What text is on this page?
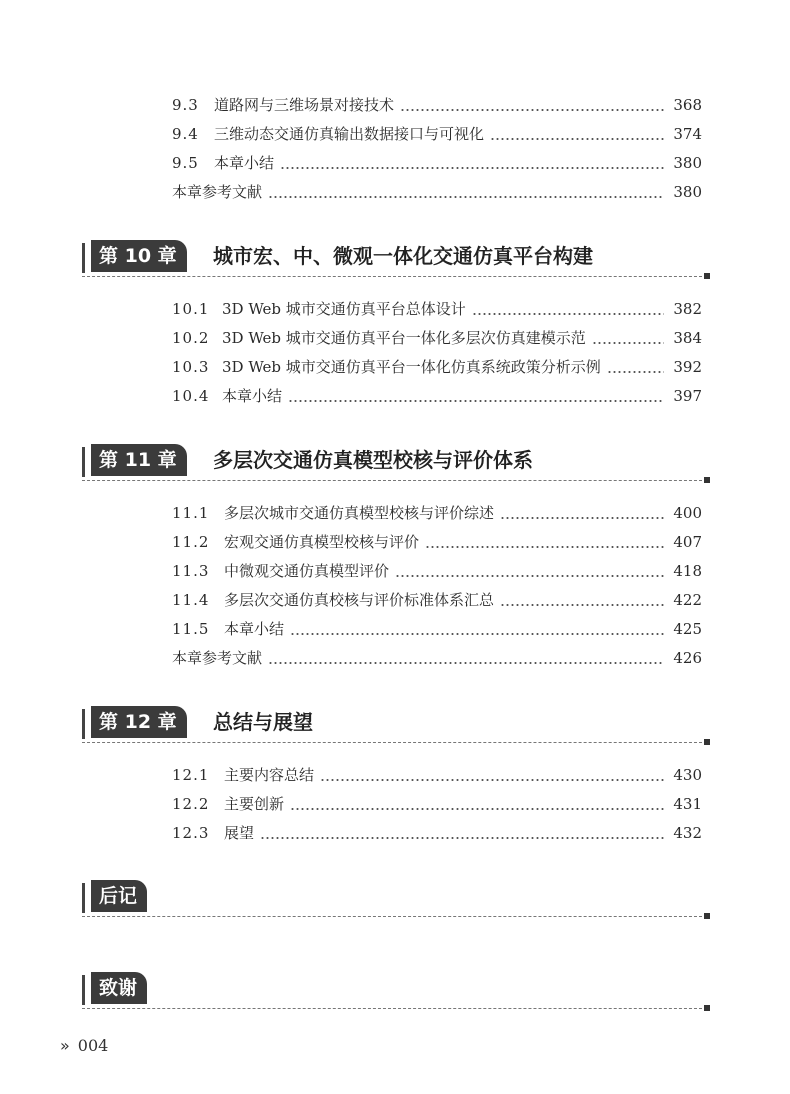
9.3 道路网与三维场景对接技术	368
9.4 三维动态交通仿真输出数据接口与可视化	374
9.5 本章小结	380
本章参考文献	380
第 10 章	城市宏、中、微观一体化交通仿真平台构建
10.1 3D Web 城市交通仿真平台总体设计	382
10.2 3D Web 城市交通仿真平台一体化多层次仿真建模示范	384
10.3 3D Web 城市交通仿真平台一体化仿真系统政策分析示例	392
10.4 本章小结	397
第 11 章	多层次交通仿真模型校核与评价体系
11.1 多层次城市交通仿真模型校核与评价综述	400
11.2 宏观交通仿真模型校核与评价	407
11.3 中微观交通仿真模型评价	418
11.4 多层次交通仿真校核与评价标准体系汇总	422
11.5 本章小结	425
本章参考文献	426
第 12 章	总结与展望
12.1 主要内容总结	430
12.2 主要创新	431
12.3 展望	432
后记
致谢
» 004
